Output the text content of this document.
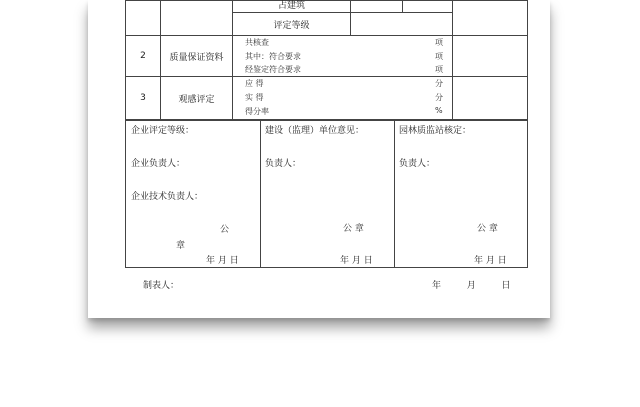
占建筑
评定等级
2	质量保证资料
共核查	项
其中：符合要求	项
经鉴定符合要求	项
3	观感评定
应 得	分
实 得	分
得分率	%
企业评定等级：
企业负责人：
企业技术负责人：
公
章
年 月 日
建设（监理）单位意见：
负责人：
公 章
年 月 日
园林质监站核定：
负责人：
公 章
年 月 日
制表人：	年         月         日
